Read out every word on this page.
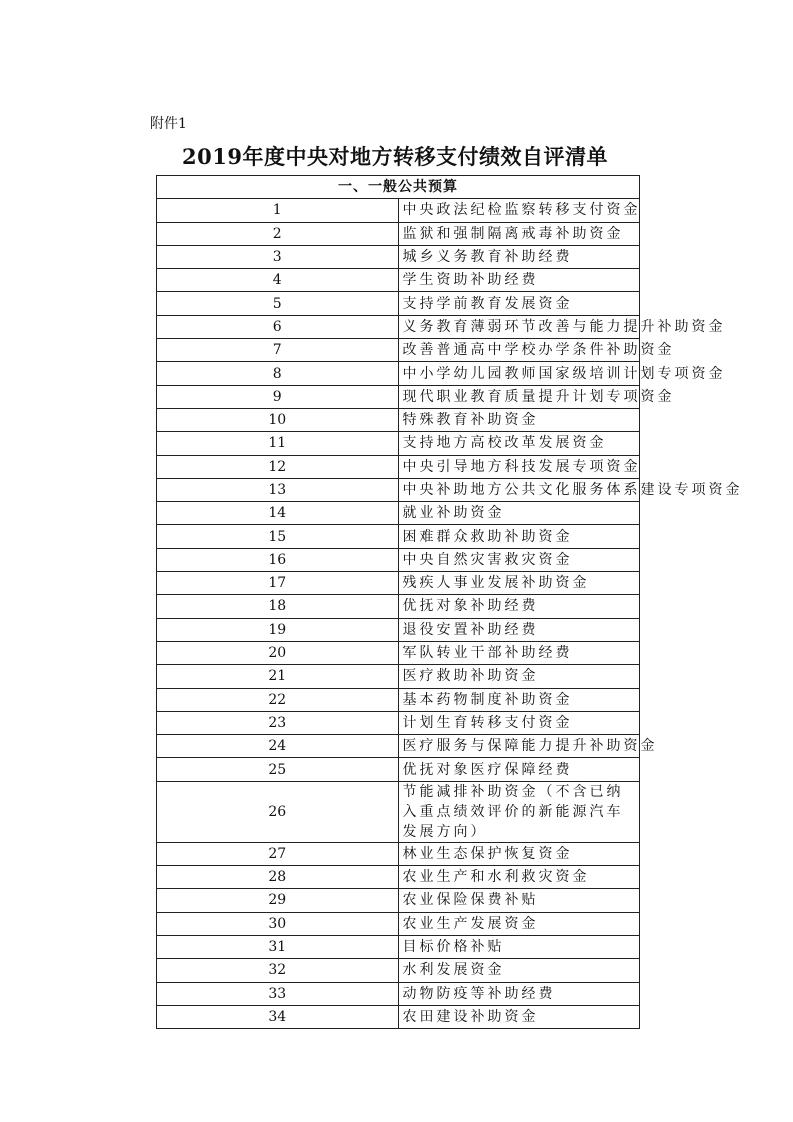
附件1
2019年度中央对地方转移支付绩效自评清单
一、一般公共预算	
1	中央政法纪检监察转移支付资金
2	监狱和强制隔离戒毒补助资金
3	城乡义务教育补助经费
4	学生资助补助经费
5	支持学前教育发展资金
6	义务教育薄弱环节改善与能力提升补助资金
7	改善普通高中学校办学条件补助资金
8	中小学幼儿园教师国家级培训计划专项资金
9	现代职业教育质量提升计划专项资金
10	特殊教育补助资金
11	支持地方高校改革发展资金
12	中央引导地方科技发展专项资金
13	中央补助地方公共文化服务体系建设专项资金
14	就业补助资金
15	困难群众救助补助资金
16	中央自然灾害救灾资金
17	残疾人事业发展补助资金
18	优抚对象补助经费
19	退役安置补助经费
20	军队转业干部补助经费
21	医疗救助补助资金
22	基本药物制度补助资金
23	计划生育转移支付资金
24	医疗服务与保障能力提升补助资金
25	优抚对象医疗保障经费
26	节能减排补助资金（不含已纳入重点绩效评价的新能源汽车发展方向）
27	林业生态保护恢复资金
28	农业生产和水利救灾资金
29	农业保险保费补贴
30	农业生产发展资金
31	目标价格补贴
32	水利发展资金
33	动物防疫等补助经费
34	农田建设补助资金
